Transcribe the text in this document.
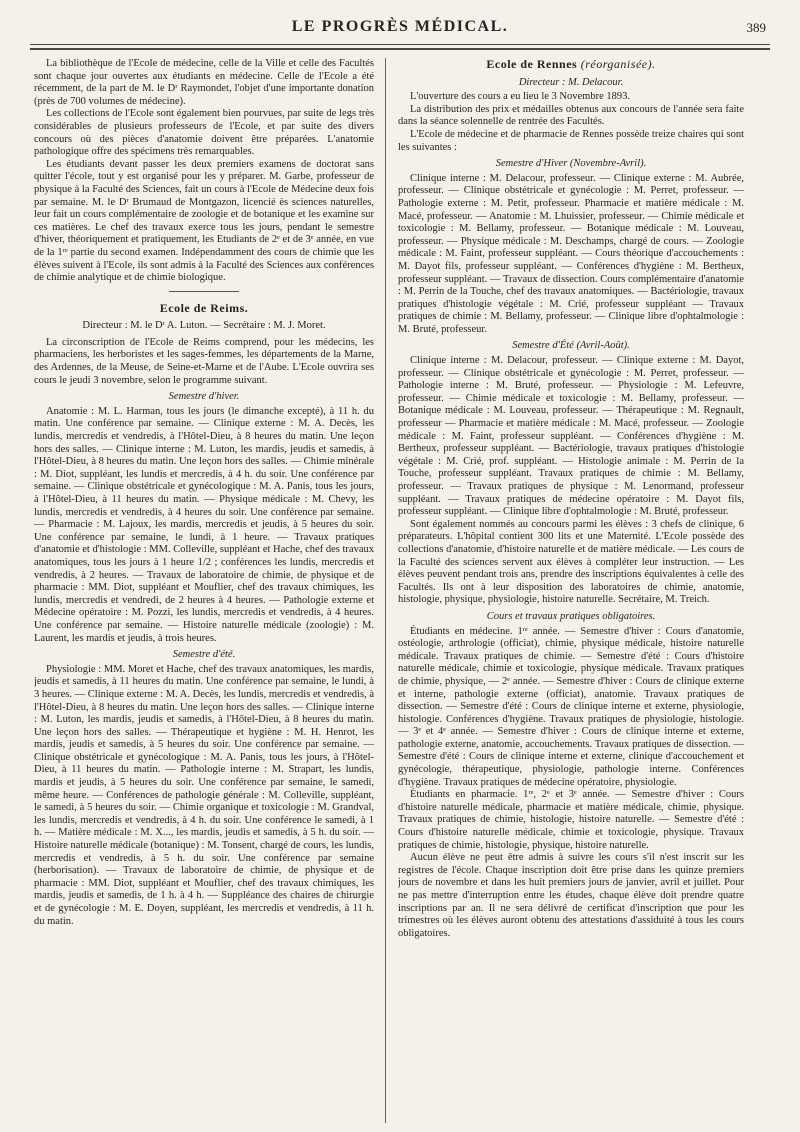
LE PROGRÈS MÉDICAL.	389

La bibliothèque de l'Ecole de médecine, celle de la Ville et celle des Facultés sont chaque jour ouvertes aux étudiants en médecine. Celle de l'Ecole a été récemment, de la part de M. le Dʳ Raymondet, l'objet d'une importante donation (près de 700 volumes de médecine).

Les collections de l'Ecole sont également bien pourvues, par suite de legs très considérables de plusieurs professeurs de l'Ecole, et par suite des divers concours où des pièces d'anatomie doivent être préparées. L'anatomie pathologique offre des spécimens très remarquables.

Les étudiants devant passer les deux premiers examens de doctorat sans quitter l'école, tout y est organisé pour les y préparer. M. Garbe, professeur de physique à la Faculté des Sciences, fait un cours à l'Ecole de Médecine deux fois par semaine. M. le Dʳ Brumaud de Montgazon, licencié ès sciences naturelles, leur fait un cours complémentaire de zoologie et de botanique et les examine sur ces matières. Le chef des travaux exerce tous les jours, pendant le semestre d'hiver, théoriquement et pratiquement, les Etudiants de 2ᵉ et de 3ᵉ année, en vue de la 1ʳᵉ partie du second examen. Indépendamment des cours de chimie que les élèves suivent à l'Ecole, ils sont admis à la Faculté des Sciences aux conférences de chimie analytique et de chimie biologique.

Ecole de Reims.
Directeur : M. le Dʳ A. Luton. — Secrétaire : M. J. Moret.

La circonscription de l'Ecole de Reims comprend, pour les médecins, les pharmaciens, les herboristes et les sages-femmes, les départements de la Marne, des Ardennes, de la Meuse, de Seine-et-Marne et de l'Aube. L'Ecole ouvrira ses cours le jeudi 3 novembre, selon le programme suivant.

Semestre d'hiver.

Anatomie : M. L. Harman, tous les jours (le dimanche excepté), à 11 h. du matin. Une conférence par semaine. — Clinique externe : M. A. Decès, les lundis, mercredis et vendredis, à l'Hôtel-Dieu, à 8 heures du matin. Une leçon hors des salles. — Clinique interne : M. Luton, les mardis, jeudis et samedis, à l'Hôtel-Dieu, à 8 heures du matin. Une leçon hors des salles. — Chimie minérale : M. Diot, suppléant, les lundis et mercredis, à 4 h. du soir. Une conférence par semaine. — Clinique obstétricale et gynécologique : M. A. Panis, tous les jours, à l'Hôtel-Dieu, à 11 heures du matin. — Physique médicale : M. Chevy, les lundis, mercredis et vendredis, à 4 heures du soir. Une conférence par semaine. — Pharmacie : M. Lajoux, les mardis, mercredis et jeudis, à 5 heures du soir. Une conférence par semaine, le lundi, à 1 heure. — Travaux pratiques d'anatomie et d'histologie : MM. Colleville, suppléant et Hache, chef des travaux anatomiques, tous les jours à 1 heure 1/2 ; conférences les lundis, mercredis et vendredis, à 2 heures. — Travaux de laboratoire de chimie, de physique et de pharmacie : MM. Diot, suppléant et Mouflier, chef des travaux chimiques, les lundis, mercredis et vendredi, de 2 heures à 4 heures. — Pathologie externe et Médecine opératoire : M. Pozzi, les lundis, mercredis et vendredis, à 4 heures. Une conférence par semaine. — Histoire naturelle médicale (zoologie) : M. Laurent, les mardis et jeudis, à trois heures.

Semestre d'été.

Physiologie : MM. Moret et Hache, chef des travaux anatomiques, les mardis, jeudis et samedis, à 11 heures du matin. Une conférence par semaine, le lundi, à 3 heures. — Clinique externe : M. A. Decès, les lundis, mercredis et vendredis, à l'Hôtel-Dieu, à 8 heures du matin. Une leçon hors des salles. — Clinique interne : M. Luton, les mardis, jeudis et samedis, à l'Hôtel-Dieu, à 8 heures du matin. Une leçon hors des salles. — Thérapeutique et hygiène : M. H. Henrot, les mardis, jeudis et samedis, à 5 heures du soir. Une conférence par semaine. — Clinique obstétricale et gynécologique : M. A. Panis, tous les jours, à l'Hôtel-Dieu, à 11 heures du matin. — Pathologie interne : M. Strapart, les lundis, mardis et jeudis, à 5 heures du soir. Une conférence par semaine, le samedi, même heure. — Conférences de pathologie générale : M. Colleville, suppléant, le samedi, à 5 heures du soir. — Chimie organique et toxicologie : M. Grandval, les lundis, mercredis et vendredis, à 4 h. du soir. Une conférence le samedi, à 1 h. — Matière médicale : M. X..., les mardis, jeudis et samedis, à 5 h. du soir. — Histoire naturelle médicale (botanique) : M. Tonsent, chargé de cours, les lundis, mercredis et vendredis, à 5 h. du soir. Une conférence par semaine (herborisation). — Travaux de laboratoire de chimie, de physique et de pharmacie : MM. Diot, suppléant et Mouflier, chef des travaux chimiques, les mardis, jeudis et samedis, de 1 h. à 4 h. — Suppléance des chaires de chirurgie et de gynécologie : M. E. Doyen, suppléant, les mercredis et vendredis, à 11 h. du matin.

Ecole de Rennes (réorganisée).
Directeur : M. Delacour.

L'ouverture des cours a eu lieu le 3 Novembre 1893.

La distribution des prix et médailles obtenus aux concours de l'année sera faite dans la séance solennelle de rentrée des Facultés.

L'Ecole de médecine et de pharmacie de Rennes possède treize chaires qui sont les suivantes :

Semestre d'Hiver (Novembre-Avril).

Clinique interne : M. Delacour, professeur. — Clinique externe : M. Aubrée, professeur. — Clinique obstétricale et gynécologie : M. Perret, professeur. — Pathologie externe : M. Petit, professeur. Pharmacie et matière médicale : M. Macé, professeur. — Anatomie : M. Lhuissier, professeur. — Chimie médicale et toxicologie : M. Bellamy, professeur. — Botanique médicale : M. Louveau, professeur. — Physique médicale : M. Deschamps, chargé de cours. — Zoologie médicale : M. Faint, professeur suppléant. — Cours théorique d'accouchements : M. Dayot fils, professeur suppléant. — Conférences d'hygiène : M. Bertheux, professeur suppléant. — Travaux de dissection. Cours complémentaire d'anatomie : M. Perrin de la Touche, chef des travaux anatomiques. — Bactériologie, travaux pratiques d'histologie végétale : M. Crié, professeur suppléant — Travaux pratiques de chimie : M. Bellamy, professeur. — Clinique libre d'ophtalmologie : M. Bruté, professeur.

Semestre d'Été (Avril-Août).

Clinique interne : M. Delacour, professeur. — Clinique externe : M. Dayot, professeur. — Clinique obstétricale et gynécologie : M. Perret, professeur. — Pathologie interne : M. Bruté, professeur. — Physiologie : M. Lefeuvre, professeur. — Chimie médicale et toxicologie : M. Bellamy, professeur. — Botanique médicale : M. Louveau, professeur. — Thérapeutique : M. Regnault, professeur — Pharmacie et matière médicale : M. Macé, professeur. — Zoologie médicale : M. Faint, professeur suppléant. — Conférences d'hygiène : M. Bertheux, professeur suppléant. — Bactériologie, travaux pratiques d'histologie végétale : M. Crié, prof. suppléant. — Histologie animale : M. Perrin de la Touche, professeur suppléant. Travaux pratiques de chimie : M. Bellamy, professeur. — Travaux pratiques de physique : M. Lenormand, professeur suppléant. — Travaux pratiques de médecine opératoire : M. Dayot fils, professeur suppléant. — Clinique libre d'ophtalmologie : M. Bruté, professeur.

Sont également nommés au concours parmi les élèves : 3 chefs de clinique, 6 préparateurs. L'hôpital contient 300 lits et une Maternité. L'Ecole possède des collections d'anatomie, d'histoire naturelle et de matière médicale. — Les cours de la Faculté des sciences servent aux élèves à compléter leur instruction. — Les élèves peuvent pendant trois ans, prendre des inscriptions équivalentes à celle des Facultés. Ils ont à leur disposition des laboratoires de chimie, anatomie, histologie, physique, physiologie, histoire naturelle. Secrétaire, M. Treich.

Cours et travaux pratiques obligatoires.

Étudiants en médecine. 1ʳᵉ année. — Semestre d'hiver : Cours d'anatomie, ostéologie, arthrologie (officiat), chimie, physique médicale, histoire naturelle médicale. Travaux pratiques de chimie. — Semestre d'été : Cours d'histoire naturelle médicale, chimie et toxicologie, physique médicale. Travaux pratiques de chimie, physique, — 2ᵉ année. — Semestre d'hiver : Cours de clinique externe et interne, pathologie externe (officiat), anatomie. Travaux pratiques de dissection. — Semestre d'été : Cours de clinique interne et externe, physiologie, histologie. Conférences d'hygiène. Travaux pratiques de physiologie, histologie. — 3ᵉ et 4ᵉ année. — Semestre d'hiver : Cours de clinique interne et externe, pathologie externe, anatomie, accouchements. Travaux pratiques de dissection. — Semestre d'été : Cours de clinique interne et externe, clinique d'accouchement et gynécologie, thérapeutique, physiologie, pathologie interne. Conférences d'hygiène. Travaux pratiques de médecine opératoire, physiologie.

Étudiants en pharmacie. 1ʳᵉ, 2ᵉ et 3ᵉ année. — Semestre d'hiver : Cours d'histoire naturelle médicale, pharmacie et matière médicale, chimie, physique. Travaux pratiques de chimie, histologie, histoire naturelle. — Semestre d'été : Cours d'histoire naturelle médicale, chimie et toxicologie, physique. Travaux pratiques de chimie, histologie, physique, histoire naturelle.

Aucun élève ne peut être admis à suivre les cours s'il n'est inscrit sur les registres de l'école. Chaque inscription doit être prise dans les quinze premiers jours de novembre et dans les huit premiers jours de janvier, avril et juillet. Pour ne pas mettre d'interruption entre les études, chaque élève doit prendre quatre inscriptions par an. Il ne sera délivré de certificat d'inscription que pour les trimestres où les élèves auront obtenu des attestations d'assiduité à tous les cours obligatoires.
